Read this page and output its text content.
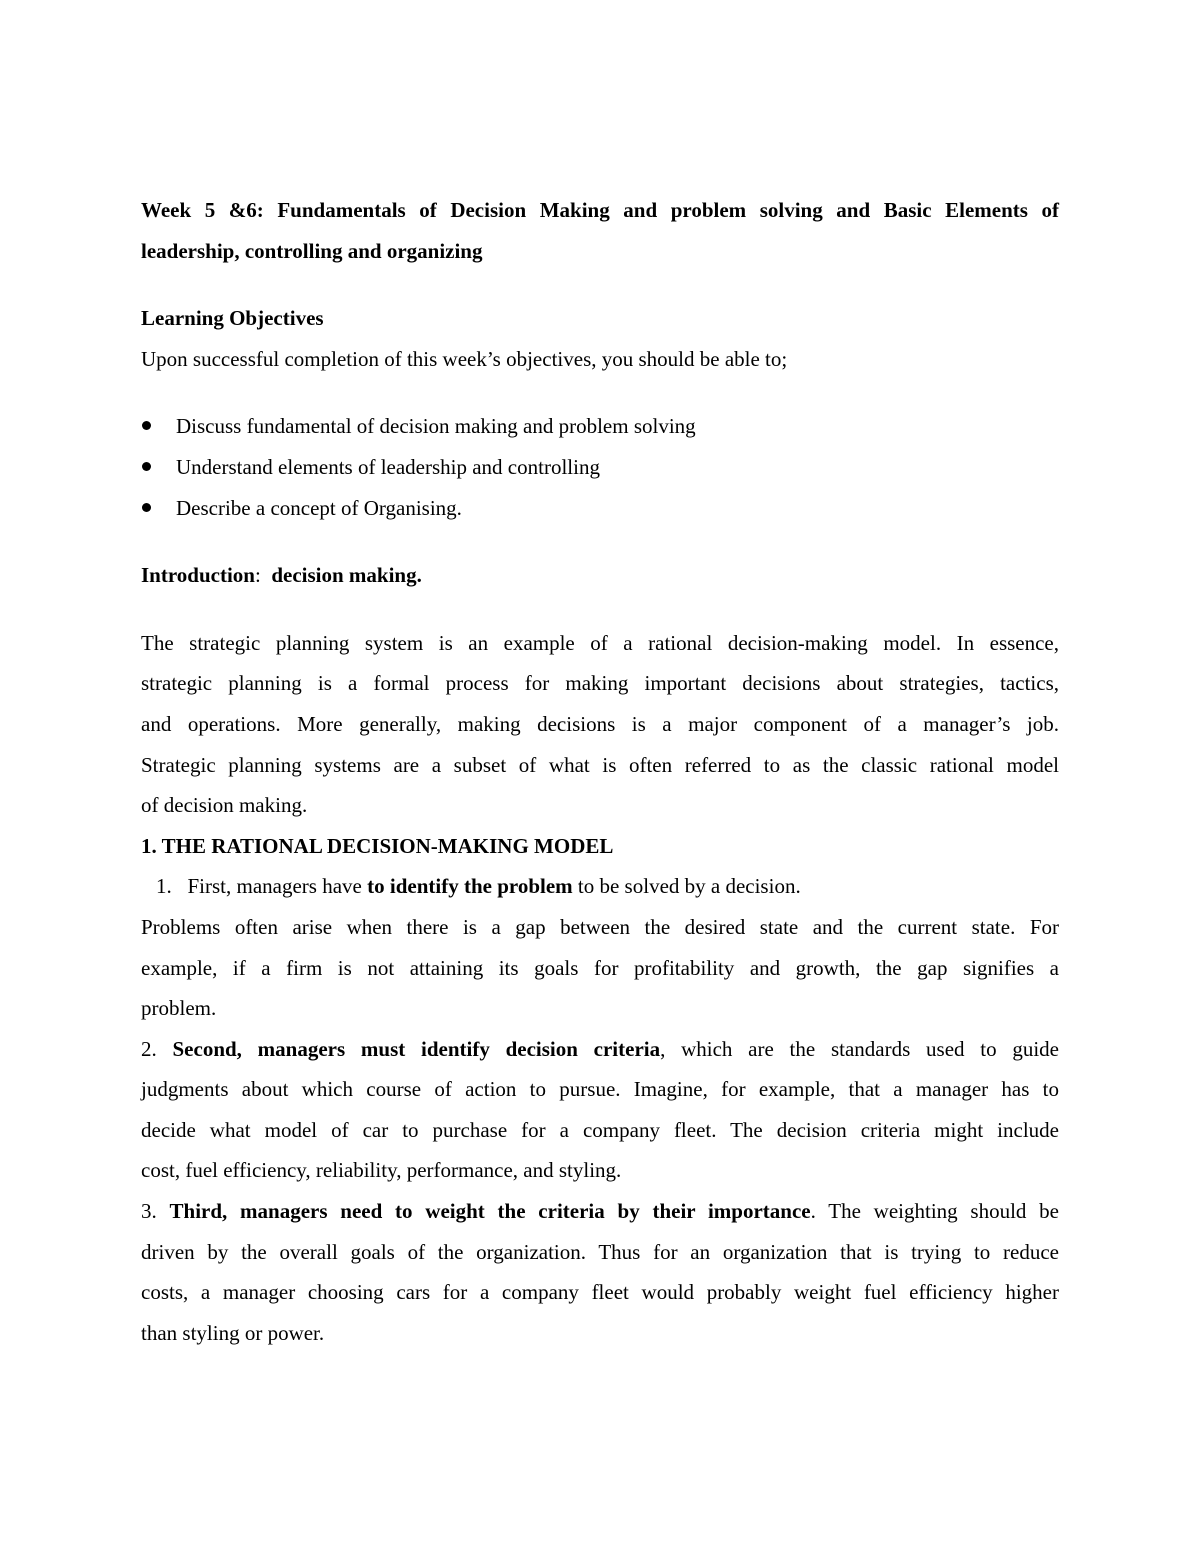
Week 5 &6: Fundamentals of Decision Making and problem solving and Basic Elements of
leadership, controlling and organizing
Learning Objectives
Upon successful completion of this week’s objectives, you should be able to;
Discuss fundamental of decision making and problem solving
Understand elements of leadership and controlling
Describe a concept of Organising.
Introduction: decision making.
The strategic planning system is an example of a rational decision-making model. In essence,
strategic planning is a formal process for making important decisions about strategies, tactics,
and operations. More generally, making decisions is a major component of a manager’s job.
Strategic planning systems are a subset of what is often referred to as the classic rational model
of decision making.
1. THE RATIONAL DECISION-MAKING MODEL
1. First, managers have to identify the problem to be solved by a decision.
Problems often arise when there is a gap between the desired state and the current state. For
example, if a firm is not attaining its goals for profitability and growth, the gap signifies a
problem.
2. Second, managers must identify decision criteria, which are the standards used to guide
judgments about which course of action to pursue. Imagine, for example, that a manager has to
decide what model of car to purchase for a company fleet. The decision criteria might include
cost, fuel efficiency, reliability, performance, and styling.
3. Third, managers need to weight the criteria by their importance. The weighting should be
driven by the overall goals of the organization. Thus for an organization that is trying to reduce
costs, a manager choosing cars for a company fleet would probably weight fuel efficiency higher
than styling or power.
